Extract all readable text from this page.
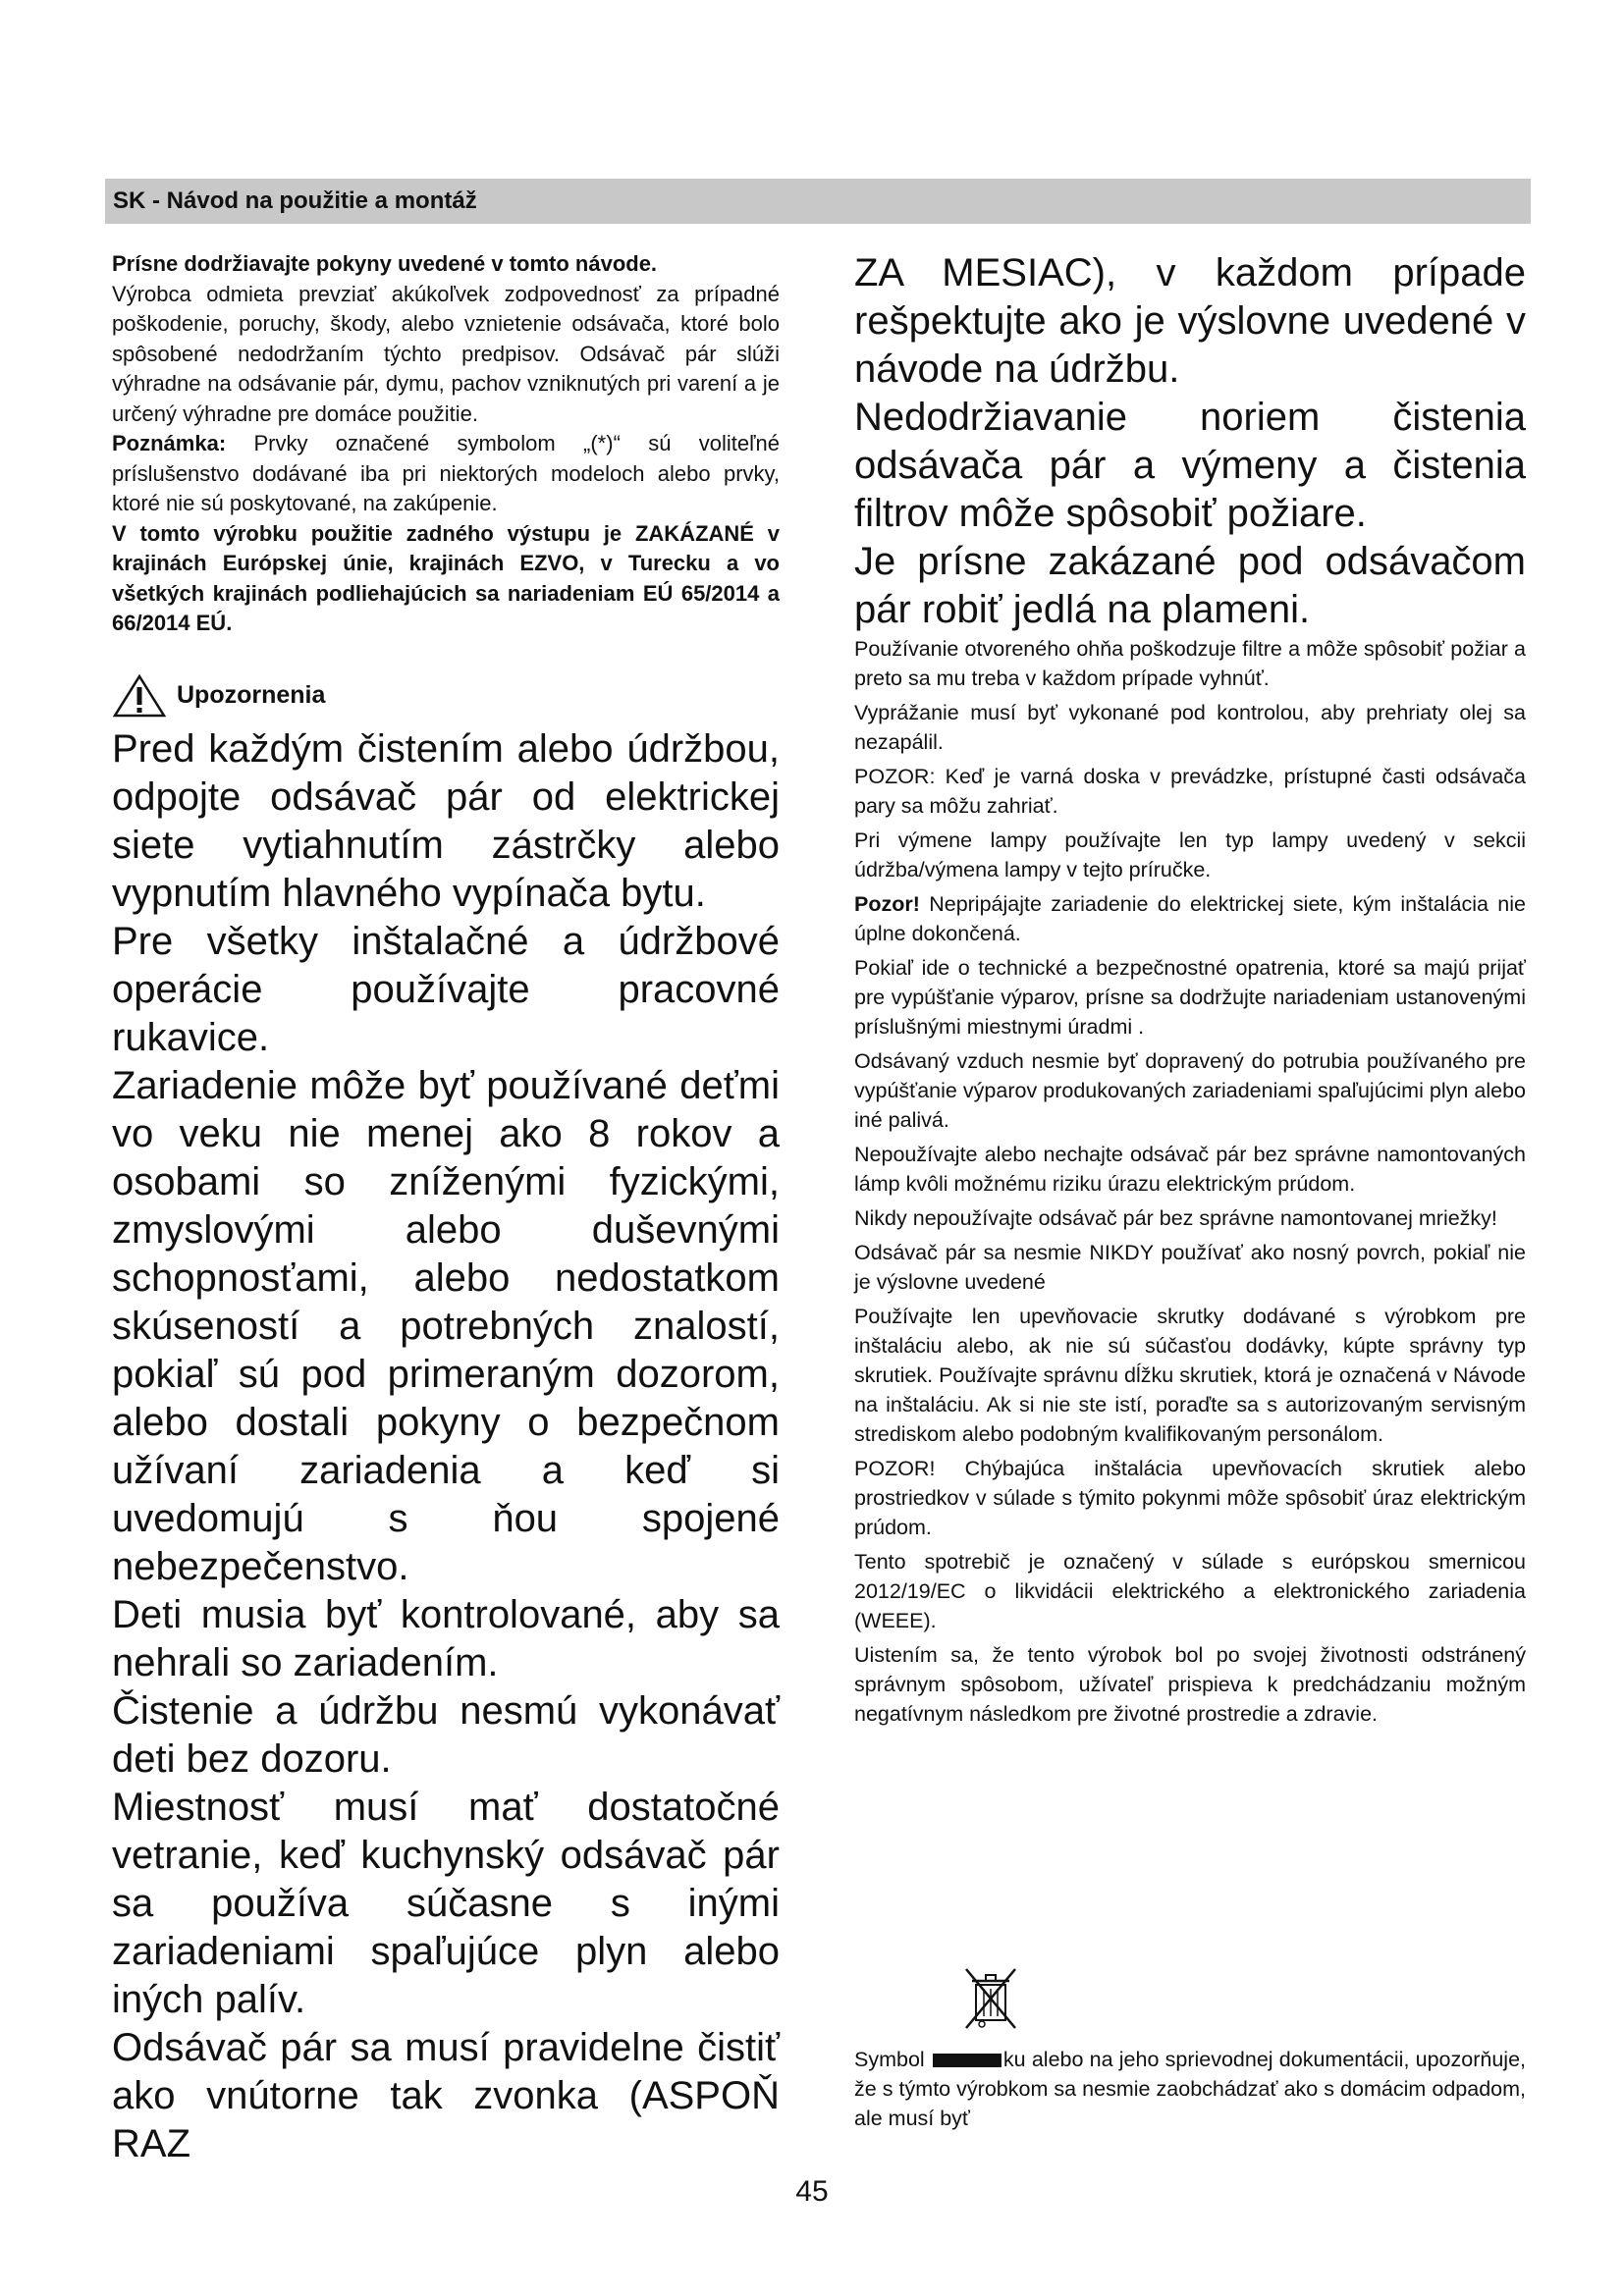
SK - Návod na použitie a montáž

Prísne dodržiavajte pokyny uvedené v tomto návode.

Výrobca odmieta prevziať akúkoľvek zodpovednosť za prípadné poškodenie, poruchy, škody, alebo vznietenie odsávača, ktoré bolo spôsobené nedodržaním týchto predpisov. Odsávač pár slúži výhradne na odsávanie pár, dymu, pachov vzniknutých pri varení a je určený výhradne pre domáce použitie.

Poznámka: Prvky označené symbolom „(*)“ sú voliteľné príslušenstvo dodávané iba pri niektorých modeloch alebo prvky, ktoré nie sú poskytované, na zakúpenie.

V tomto výrobku použitie zadného výstupu je ZAKÁZANÉ v krajinách Európskej únie, krajinách EZVO, v Turecku a vo všetkých krajinách podliehajúcich sa nariadeniam EÚ 65/2014 a 66/2014 EÚ.

Upozornenia

Pred každým čistením alebo údržbou, odpojte odsávač pár od elektrickej siete vytiahnutím zástrčky alebo vypnutím hlavného vypínača bytu.

Pre všetky inštalačné a údržbové operácie používajte pracovné rukavice.

Zariadenie môže byť používané deťmi vo veku nie menej ako 8 rokov a osobami so zníženými fyzickými, zmyslovými alebo duševnými schopnosťami, alebo nedostatkom skúseností a potrebných znalostí, pokiaľ sú pod primeraným dozorom, alebo dostali pokyny o bezpečnom užívaní zariadenia a keď si uvedomujú s ňou spojené nebezpečenstvo.

Deti musia byť kontrolované, aby sa nehrali so zariadením.

Čistenie a údržbu nesmú vykonávať deti bez dozoru.

Miestnosť musí mať dostatočné vetranie, keď kuchynský odsávač pár sa používa súčasne s inými zariadeniami spaľujúce plyn alebo iných palív.

Odsávač pár sa musí pravidelne čistiť ako vnútorne tak zvonka (ASPOŇ RAZ

ZA MESIAC), v každom prípade rešpektujte ako je výslovne uvedené v návode na údržbu.

Nedodržiavanie noriem čistenia odsávača pár a výmeny a čistenia filtrov môže spôsobiť požiare.

Je prísne zakázané pod odsávačom pár robiť jedlá na plameni.

Používanie otvoreného ohňa poškodzuje filtre a môže spôsobiť požiar a preto sa mu treba v každom prípade vyhnúť.

Vyprážanie musí byť vykonané pod kontrolou, aby prehriaty olej sa nezapálil.

POZOR: Keď je varná doska v prevádzke, prístupné časti odsávača pary sa môžu zahriať.

Pri výmene lampy používajte len typ lampy uvedený v sekcii údržba/výmena lampy v tejto príručke.

Pozor! Nepripájajte zariadenie do elektrickej siete, kým inštalácia nie úplne dokončená.

Pokiaľ ide o technické a bezpečnostné opatrenia, ktoré sa majú prijať pre vypúšťanie výparov, prísne sa dodržujte nariadeniam ustanovenými príslušnými miestnymi úradmi .

Odsávaný vzduch nesmie byť dopravený do potrubia používaného pre vypúšťanie výparov produkovaných zariadeniami spaľujúcimi plyn alebo iné palivá.

Nepoužívajte alebo nechajte odsávač pár bez správne namontovaných lámp kvôli možnému riziku úrazu elektrickým prúdom.

Nikdy nepoužívajte odsávač pár bez správne namontovanej mriežky!

Odsávač pár sa nesmie NIKDY používať ako nosný povrch, pokiaľ nie je výslovne uvedené

Používajte len upevňovacie skrutky dodávané s výrobkom pre inštaláciu alebo, ak nie sú súčasťou dodávky, kúpte správny typ skrutiek. Používajte správnu dĺžku skrutiek, ktorá je označená v Návode na inštaláciu. Ak si nie ste istí, poraďte sa s autorizovaným servisným strediskom alebo podobným kvalifikovaným personálom.

POZOR! Chýbajúca inštalácia upevňovacích skrutiek alebo prostriedkov v súlade s týmito pokynmi môže spôsobiť úraz elektrickým prúdom.

Tento spotrebič je označený v súlade s európskou smernicou 2012/19/EC o likvidácii elektrického a elektronického zariadenia (WEEE).

Uistením sa, že tento výrobok bol po svojej životnosti odstránený správnym spôsobom, užívateľ prispieva k predchádzaniu možným negatívnym následkom pre životné prostredie a zdravie.

Symbol	ku alebo na jeho sprievodnej dokumentácii, upozorňuje, že s týmto výrobkom sa nesmie zaobchádzať ako s domácim odpadom, ale musí byť

45
